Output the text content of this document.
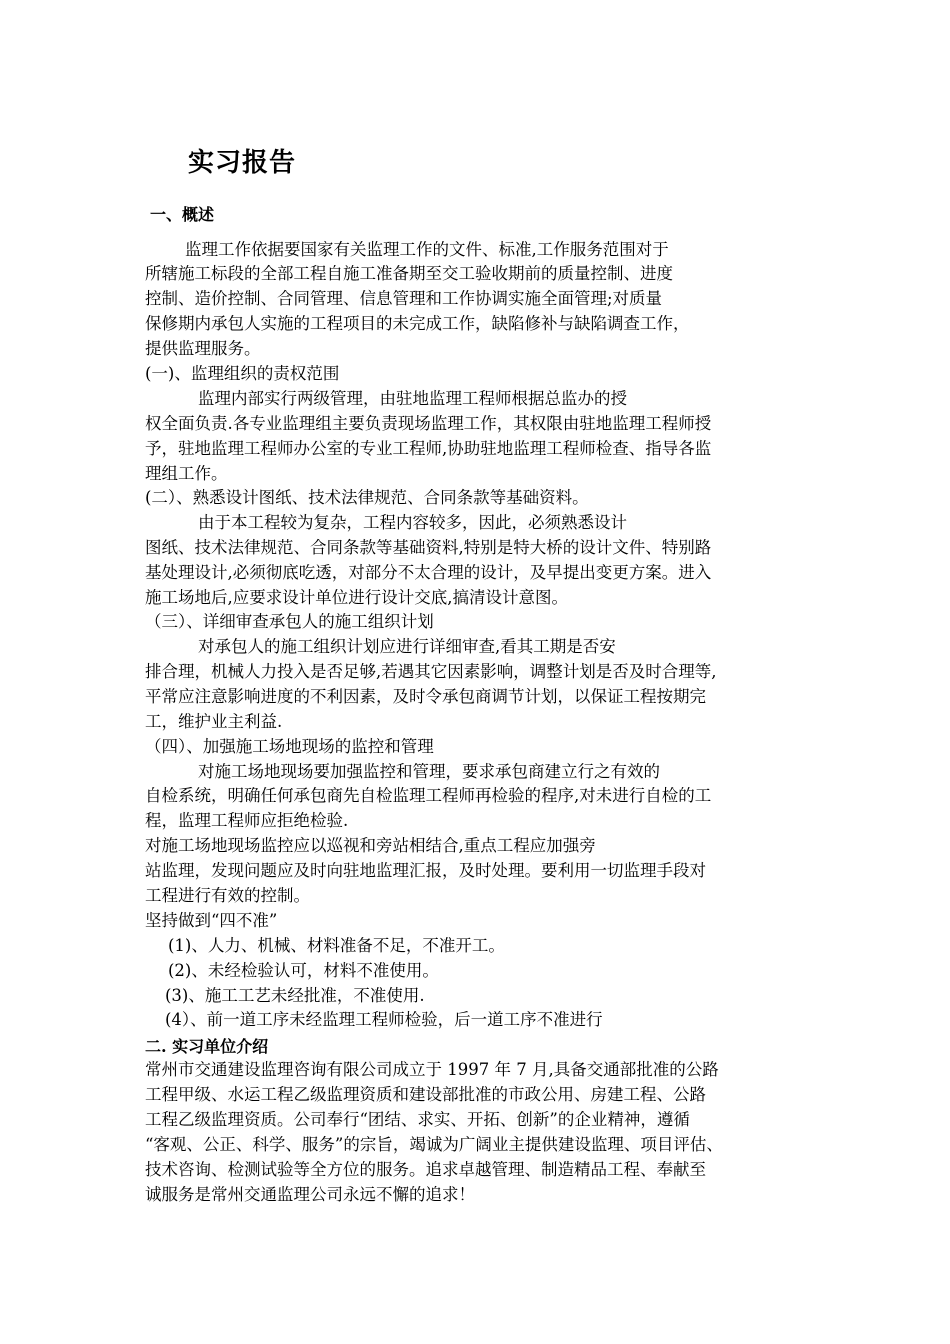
实习报告
一、概述
监理工作依据要国家有关监理工作的文件、标准,工作服务范围对于
所辖施工标段的全部工程自施工准备期至交工验收期前的质量控制、进度
控制、造价控制、合同管理、信息管理和工作协调实施全面管理;对质量
保修期内承包人实施的工程项目的未完成工作，缺陷修补与缺陷调查工作，
提供监理服务。
(一)、监理组织的责权范围
监理内部实行两级管理，由驻地监理工程师根据总监办的授
权全面负责.各专业监理组主要负责现场监理工作，其权限由驻地监理工程师授
予，驻地监理工程师办公室的专业工程师,协助驻地监理工程师检查、指导各监
理组工作。
(二）、熟悉设计图纸、技术法律规范、合同条款等基础资料。
由于本工程较为复杂，工程内容较多，因此，必须熟悉设计
图纸、技术法律规范、合同条款等基础资料,特别是特大桥的设计文件、特别路
基处理设计,必须彻底吃透，对部分不太合理的设计，及早提出变更方案。进入
施工场地后,应要求设计单位进行设计交底,搞清设计意图。
（三）、详细审查承包人的施工组织计划
对承包人的施工组织计划应进行详细审查,看其工期是否安
排合理，机械人力投入是否足够,若遇其它因素影响，调整计划是否及时合理等,
平常应注意影响进度的不利因素，及时令承包商调节计划，以保证工程按期完
工，维护业主利益.
（四）、加强施工场地现场的监控和管理
对施工场地现场要加强监控和管理，要求承包商建立行之有效的
自检系统，明确任何承包商先自检监理工程师再检验的程序,对未进行自检的工
程，监理工程师应拒绝检验.
对施工场地现场监控应以巡视和旁站相结合,重点工程应加强旁
站监理，发现问题应及时向驻地监理汇报，及时处理。要利用一切监理手段对
工程进行有效的控制。
坚持做到“四不准”
(1)、人力、机械、材料准备不足，不准开工。
(2)、未经检验认可，材料不准使用。
(3)、施工工艺未经批准，不准使用.
(4）、前一道工序未经监理工程师检验，后一道工序不准进行
二. 实习单位介绍
常州市交通建设监理咨询有限公司成立于 1997 年 7 月,具备交通部批准的公路
工程甲级、水运工程乙级监理资质和建设部批准的市政公用、房建工程、公路
工程乙级监理资质。公司奉行“团结、求实、开拓、创新”的企业精神，遵循
“客观、公正、科学、服务”的宗旨，竭诚为广阔业主提供建设监理、项目评估、
技术咨询、检测试验等全方位的服务。追求卓越管理、制造精品工程、奉献至
诚服务是常州交通监理公司永远不懈的追求！
